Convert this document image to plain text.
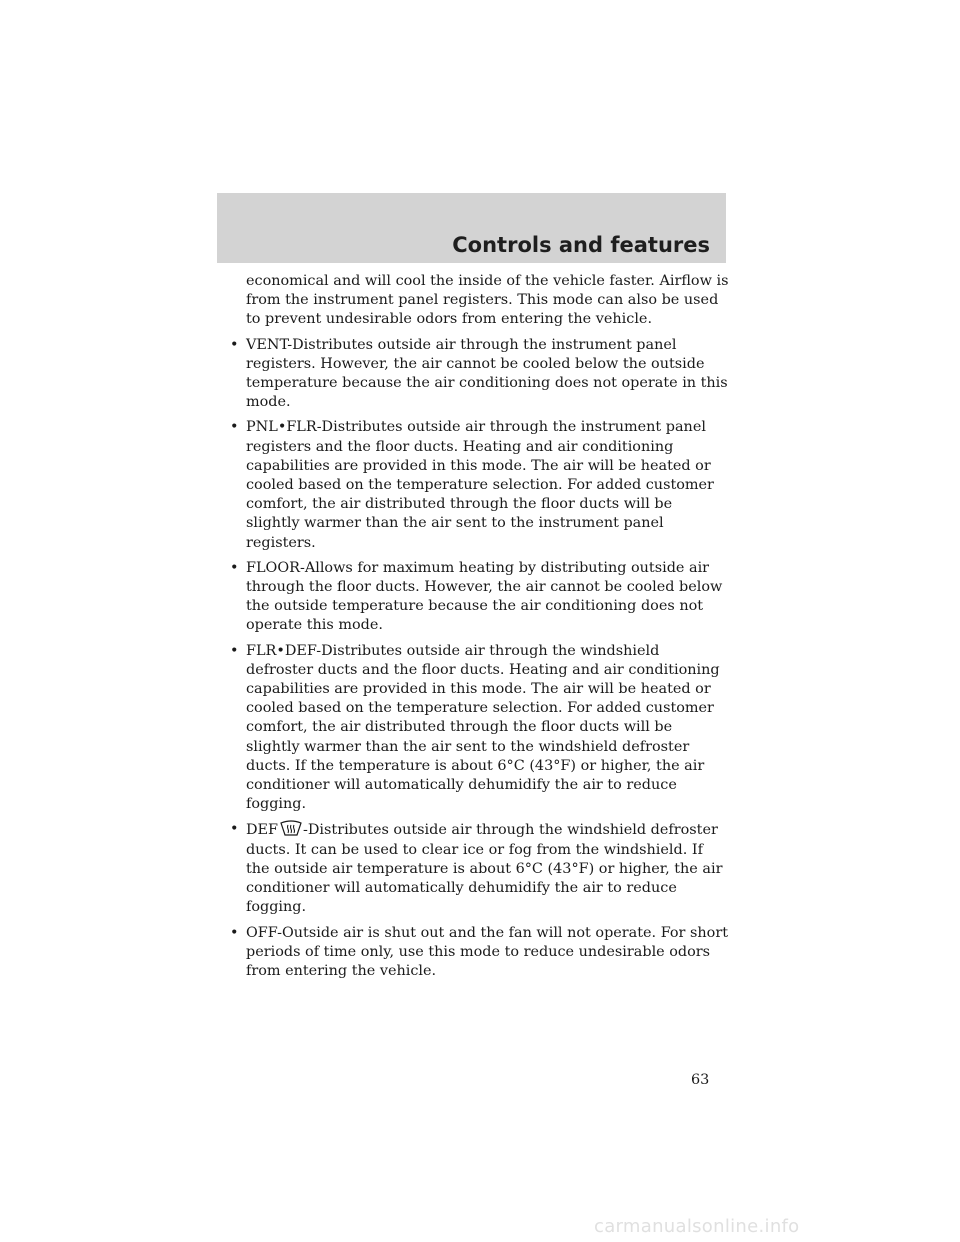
Controls and features

economical and will cool the inside of the vehicle faster. Airflow is from the instrument panel registers. This mode can also be used to prevent undesirable odors from entering the vehicle.

• VENT-Distributes outside air through the instrument panel registers. However, the air cannot be cooled below the outside temperature because the air conditioning does not operate in this mode.
• PNL•FLR-Distributes outside air through the instrument panel registers and the floor ducts. Heating and air conditioning capabilities are provided in this mode. The air will be heated or cooled based on the temperature selection. For added customer comfort, the air distributed through the floor ducts will be slightly warmer than the air sent to the instrument panel registers.
• FLOOR-Allows for maximum heating by distributing outside air through the floor ducts. However, the air cannot be cooled below the outside temperature because the air conditioning does not operate this mode.
• FLR•DEF-Distributes outside air through the windshield defroster ducts and the floor ducts. Heating and air conditioning capabilities are provided in this mode. The air will be heated or cooled based on the temperature selection. For added customer comfort, the air distributed through the floor ducts will be slightly warmer than the air sent to the windshield defroster ducts. If the temperature is about 6°C (43°F) or higher, the air conditioner will automatically dehumidify the air to reduce fogging.
• DEF -Distributes outside air through the windshield defroster ducts. It can be used to clear ice or fog from the windshield. If the outside air temperature is about 6°C (43°F) or higher, the air conditioner will automatically dehumidify the air to reduce fogging.
• OFF-Outside air is shut out and the fan will not operate. For short periods of time only, use this mode to reduce undesirable odors from entering the vehicle.
63
carmanualsonline.info
